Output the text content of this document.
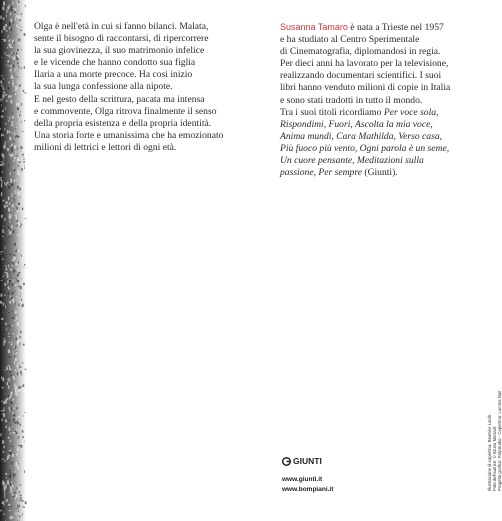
Olga è nell'età in cui si fanno bilanci. Malata,

sente il bisogno di raccontarsi, di ripercorrere

la sua giovinezza, il suo matrimonio infelice

e le vicende che hanno condotto sua figlia

Ilaria a una morte precoce. Ha così inizio

la sua lunga confessione alla nipote.

E nel gesto della scrittura, pacata ma intensa

e commovente, Olga ritrova finalmente il senso

della propria esistenza e della propria identità.

Una storia forte e umanissima che ha emozionato

milioni di lettrici e lettori di ogni età.

Susanna Tamaro è nata a Trieste nel 1957

e ha studiato al Centro Sperimentale

di Cinematografia, diplomandosi in regia.

Per dieci anni ha lavorato per la televisione,

realizzando documentari scientifici. I suoi

libri hanno venduto milioni di copie in Italia

e sono stati tradotti in tutto il mondo.

Tra i suoi titoli ricordiamo Per voce sola,

Rispondimi, Fuori, Ascolta la mia voce,

Anima mundi, Cara Mathilda, Verso casa,

Più fuoco più vento, Ogni parola è un seme,

Un cuore pensante, Meditazioni sulla

passione, Per sempre (Giunti).

GIUNTI
www.giunti.it
www.bompiani.it	Illustrazione di copertina: Beatrice Lamb Foto dell'autrice: © Bruno Manzoli Progetto grafico: Polystudio - Copertina: Lumina Noir
